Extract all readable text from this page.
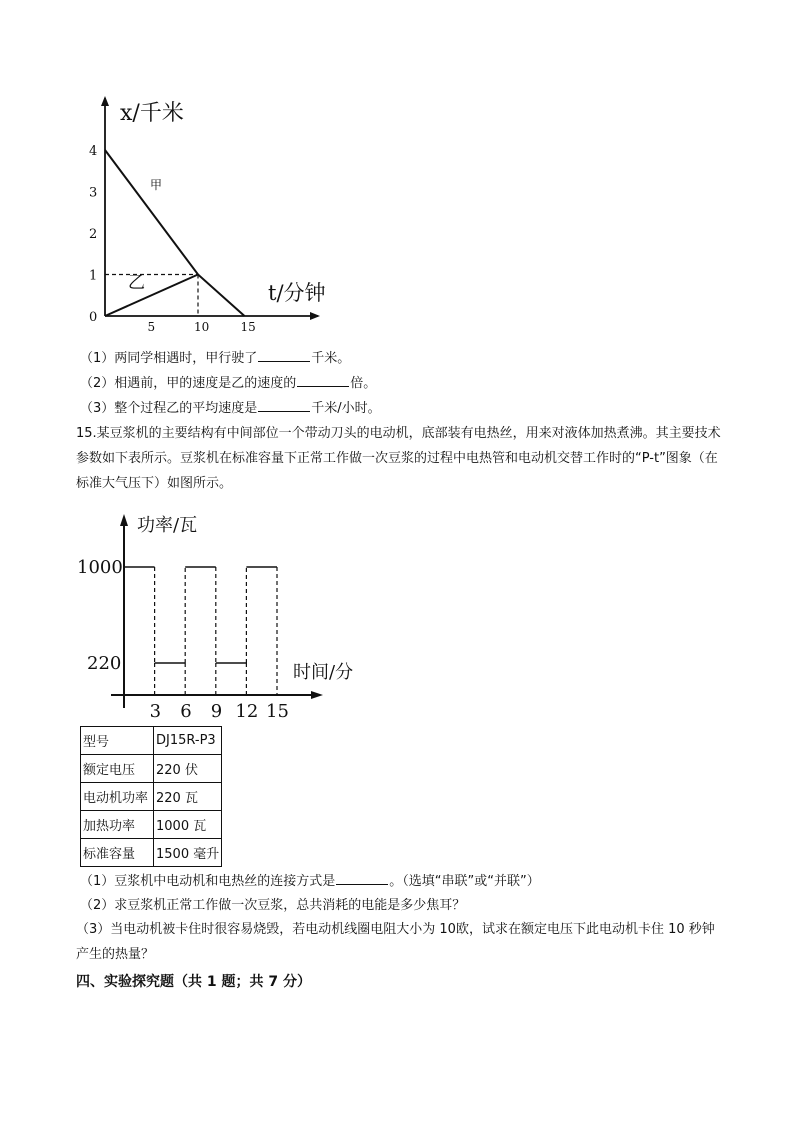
x/千米
t/分钟
0
1
2
3
4
5	10	15
甲
乙
（1）两同学相遇时，甲行驶了	千米。
（2）相遇前，甲的速度是乙的速度的	倍。
（3）整个过程乙的平均速度是	千米/小时。
15.某豆浆机的主要结构有中间部位一个带动刀头的电动机，底部装有电热丝，用来对液体加热煮沸。其主要技术参数如下表所示。豆浆机在标准容量下正常工作做一次豆浆的过程中电热管和电动机交替工作时的“P-t”图象（在标准大气压下）如图所示。
功率/瓦
时间/分
220
1000
3 6 9 12 15
型号	DJ15R-P3
额定电压	220 伏
电动机功率	220 瓦
加热功率	1000 瓦
标准容量	1500 毫升
（1）豆浆机中电动机和电热丝的连接方式是	。（选填“串联”或“并联”）
（2）求豆浆机正常工作做一次豆浆，总共消耗的电能是多少焦耳？
（3）当电动机被卡住时很容易烧毁，若电动机线圈电阻大小为 10欧，试求在额定电压下此电动机卡住 10 秒钟产生的热量？
四、实验探究题（共 1 题；共 7 分）
